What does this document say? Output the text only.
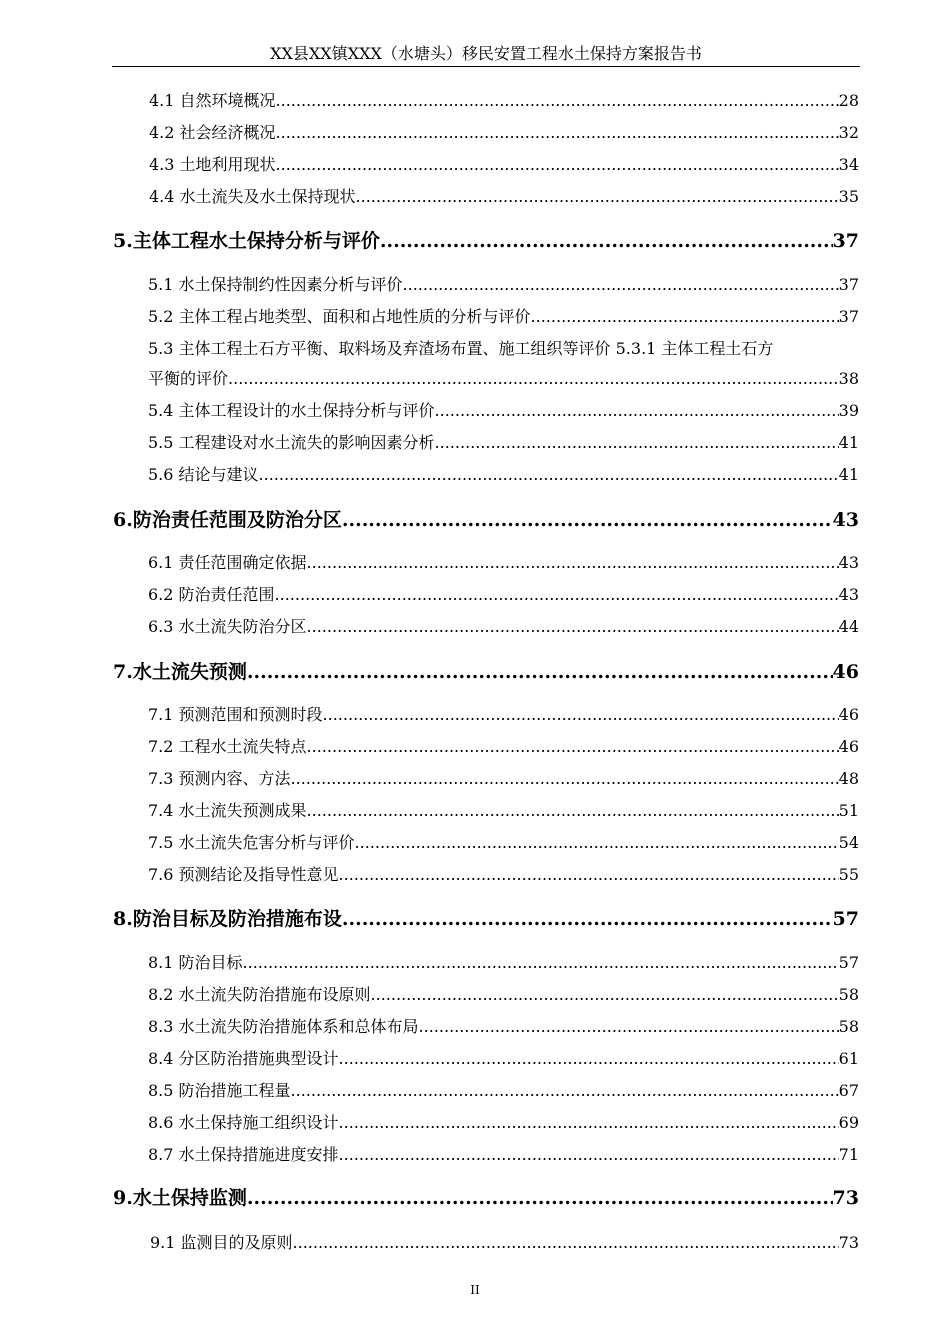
XX县XX镇XXX（水塘头）移民安置工程水土保持方案报告书
4.1 自然环境概况 .....	28
4.2 社会经济概况 .....	32
4.3 土地利用现状 .....	34
4.4 水土流失及水土保持现状 .....	35
5.主体工程水土保持分析与评价 .....	37
5.1 水土保持制约性因素分析与评价 .....	37
5.2 主体工程占地类型、面积和占地性质的分析与评价 .....	37
5.3 主体工程土石方平衡、取料场及弃渣场布置、施工组织等评价 5.3.1 主体工程土石方
平衡的评价 .....	38
5.4 主体工程设计的水土保持分析与评价 .....	39
5.5 工程建设对水土流失的影响因素分析 .....	41
5.6 结论与建议 .....	41
6.防治责任范围及防治分区 .....	43
6.1 责任范围确定依据 .....	43
6.2 防治责任范围 .....	43
6.3 水土流失防治分区 .....	44
7.水土流失预测 .....	46
7.1 预测范围和预测时段 .....	46
7.2 工程水土流失特点 .....	46
7.3 预测内容、方法 .....	48
7.4 水土流失预测成果 .....	51
7.5 水土流失危害分析与评价 .....	54
7.6 预测结论及指导性意见 .....	55
8.防治目标及防治措施布设 .....	57
8.1 防治目标 .....	57
8.2 水土流失防治措施布设原则 .....	58
8.3 水土流失防治措施体系和总体布局 .....	58
8.4 分区防治措施典型设计 .....	61
8.5 防治措施工程量 .....	67
8.6 水土保持施工组织设计 .....	69
8.7 水土保持措施进度安排 .....	71
9.水土保持监测 .....	73
9.1 监测目的及原则 .....	73
II
